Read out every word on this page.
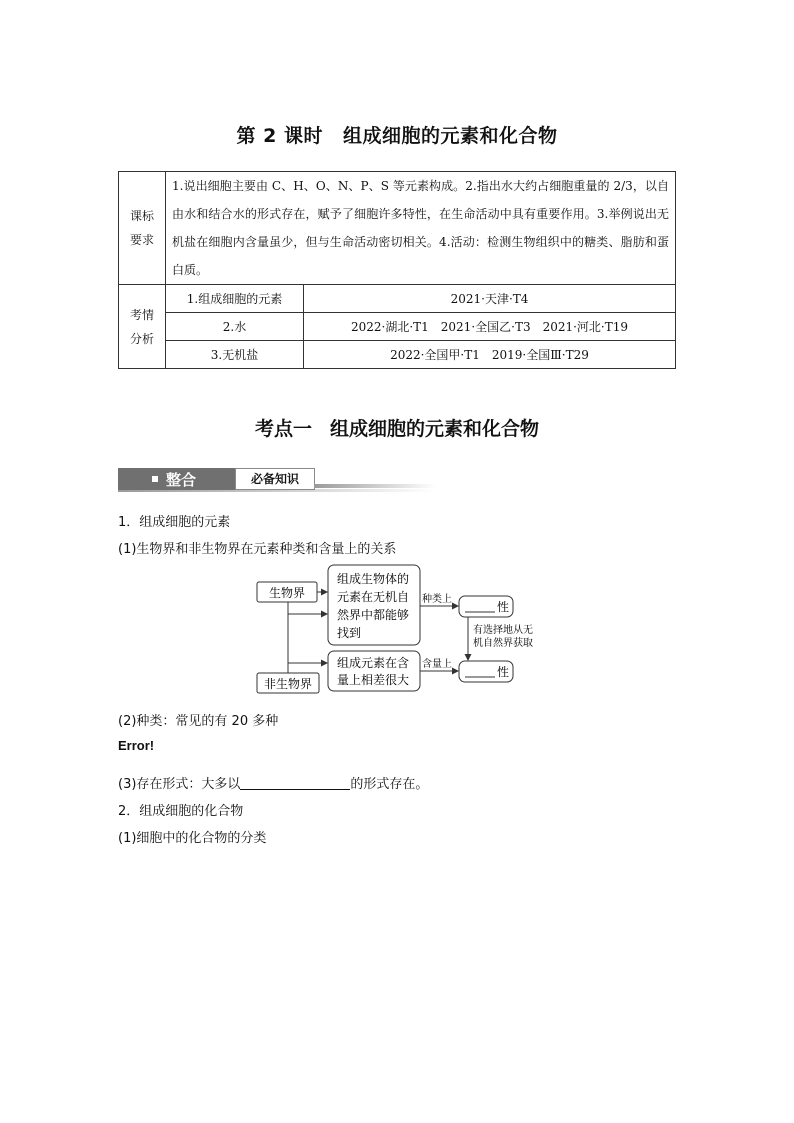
第 2 课时 组成细胞的元素和化合物
课标
要求	1.说出细胞主要由 C、H、O、N、P、S 等元素构成。2.指出水大约占细胞重量的 2/3，以自由水和结合水的形式存在，赋予了细胞许多特性，在生命活动中具有重要作用。3.举例说出无机盐在细胞内含量虽少，但与生命活动密切相关。4.活动：检测生物组织中的糖类、脂肪和蛋白质。	

考情
分析	1.组成细胞的元素	2021·天津·T4
	2.水	2022·湖北·T1　2021·全国乙·T3　2021·河北·T19
	3.无机盐	2022·全国甲·T1　2019·全国Ⅲ·T29
考点一 组成细胞的元素和化合物
整合	必备知识
1．组成细胞的元素
(1)生物界和非生物界在元素种类和含量上的关系
生物界
非生物界
组成生物体的
元素在无机自
然界中都能够
找到
组成元素在含
量上相差很大
种类上
含量上
性
性
有选择地从无
机自然界获取
(2)种类：常见的有 20 多种
Error!
(3)存在形式：大多以	的形式存在。
2．组成细胞的化合物
(1)细胞中的化合物的分类
